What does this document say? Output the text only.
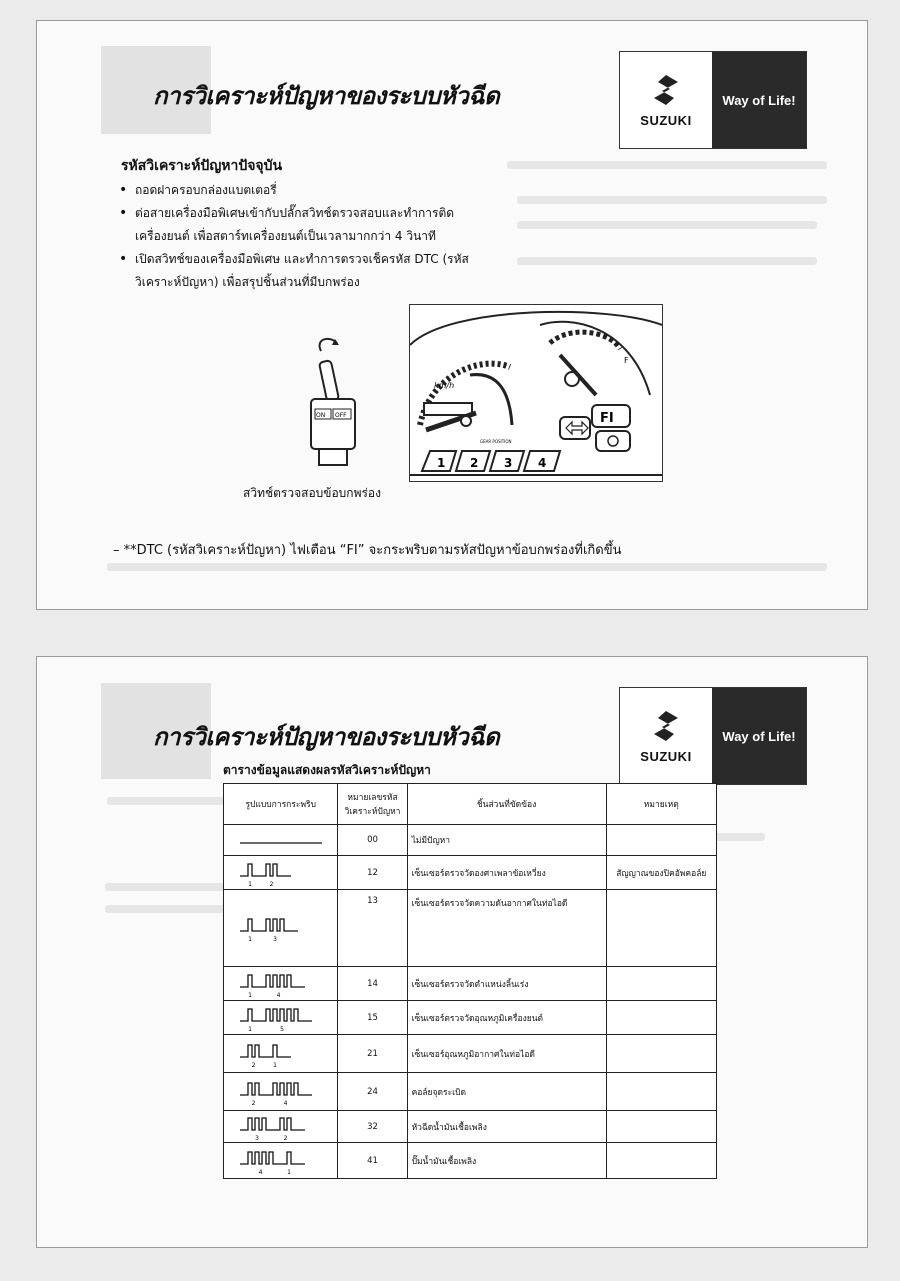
การวิเคราะห์ปัญหาของระบบหัวฉีด
SUZUKI
Way of Life!
รหัสวิเคราะห์ปัญหาปัจจุบัน
• ถอดฝาครอบกล่องแบตเตอรี่
• ต่อสายเครื่องมือพิเศษเข้ากับปลั๊กสวิทช์ตรวจสอบและทำการติด เครื่องยนต์ เพื่อสตาร์ทเครื่องยนต์เป็นเวลามากกว่า 4 วินาที
• เปิดสวิทช์ของเครื่องมือพิเศษ และทำการตรวจเช็ครหัส DTC (รหัส วิเคราะห์ปัญหา) เพื่อสรุปชิ้นส่วนที่มีบกพร่อง
ON OFF
km/h
GEAR POSITION
1 2 3 4
F
FI
สวิทช์ตรวจสอบข้อบกพร่อง
– **DTC (รหัสวิเคราะห์ปัญหา) ไฟเตือน “FI” จะกระพริบตามรหัสปัญหาข้อบกพร่องที่เกิดขึ้น
การวิเคราะห์ปัญหาของระบบหัวฉีด
SUZUKI
Way of Life!
ตารางข้อมูลแสดงผลรหัสวิเคราะห์ปัญหา
รูปแบบการกระพริบ	หมายเลขรหัส วิเคราะห์ปัญหา	ชิ้นส่วนที่ขัดข้อง	หมายเหตุ

	00	ไม่มีปัญหา	

1 2	12	เซ็นเซอร์ตรวจวัดองศาเพลาข้อเหวี่ยง	สัญญาณของปิคอัพคอล์ย

1 3	13	เซ็นเซอร์ตรวจวัดความดันอากาศในท่อไอดี	

1 4	14	เซ็นเซอร์ตรวจวัดตำแหน่งลิ้นเร่ง	

1 5	15	เซ็นเซอร์ตรวจวัดอุณหภูมิเครื่องยนต์	

2 1	21	เซ็นเซอร์อุณหภูมิอากาศในท่อไอดี	

2 4	24	คอล์ยจุดระเบิด	

3 2	32	หัวฉีดน้ำมันเชื้อเพลิง	

4 1	41	ปั๊มน้ำมันเชื้อเพลิง	
